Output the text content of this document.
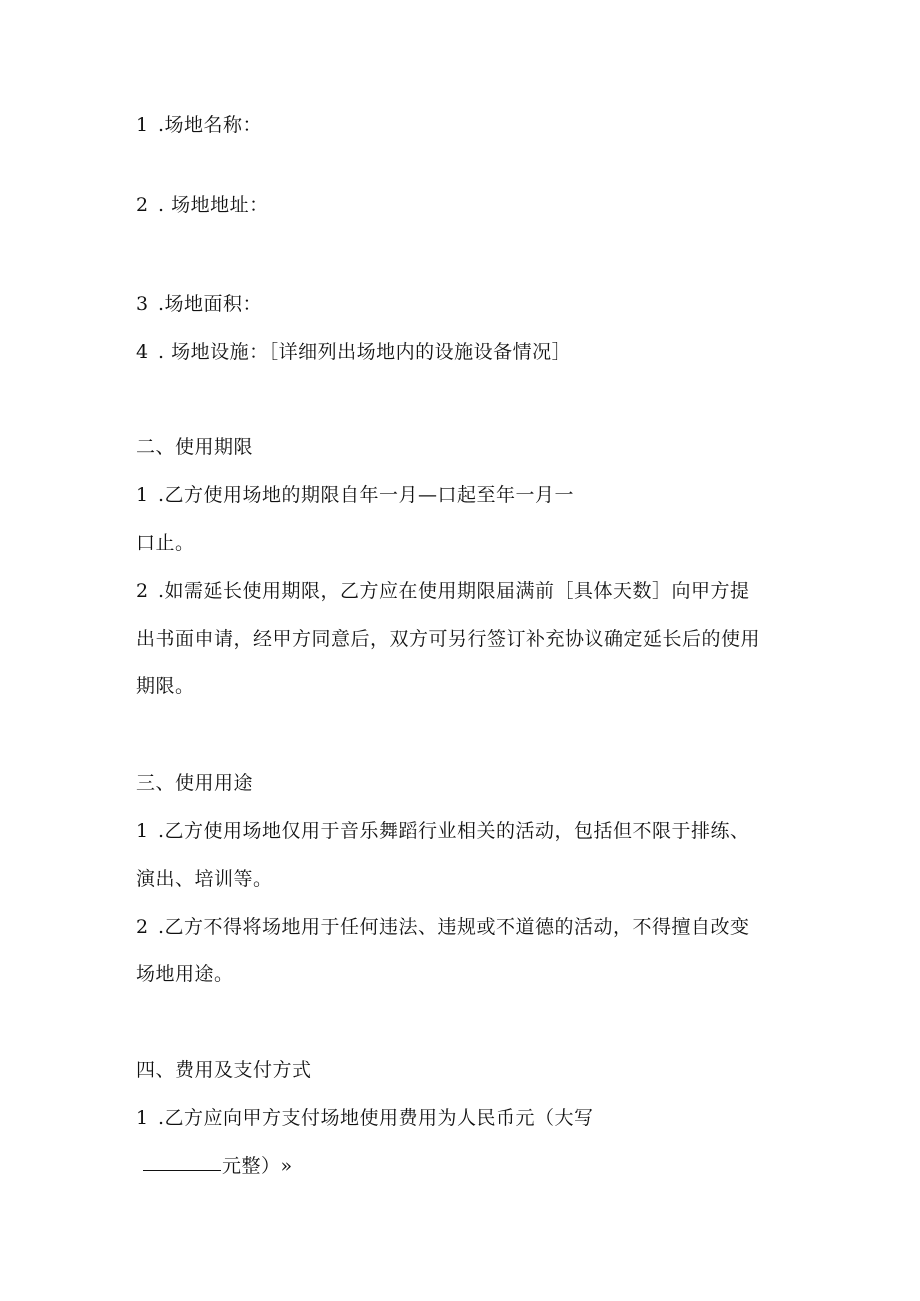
1 .场地名称：
2 . 场地地址：
3 .场地面积：
4 . 场地设施：［详细列出场地内的设施设备情况］
二、使用期限
1 .乙方使用场地的期限自年一月—口起至年一月一
口止。
2 .如需延长使用期限，乙方应在使用期限届满前［具体天数］向甲方提
出书面申请，经甲方同意后，双方可另行签订补充协议确定延长后的使用
期限。
三、使用用途
1 .乙方使用场地仅用于音乐舞蹈行业相关的活动，包括但不限于排练、
演出、培训等。
2 .乙方不得将场地用于任何违法、违规或不道德的活动，不得擅自改变
场地用途。
四、费用及支付方式
1 .乙方应向甲方支付场地使用费用为人民币元（大写
元整）»
